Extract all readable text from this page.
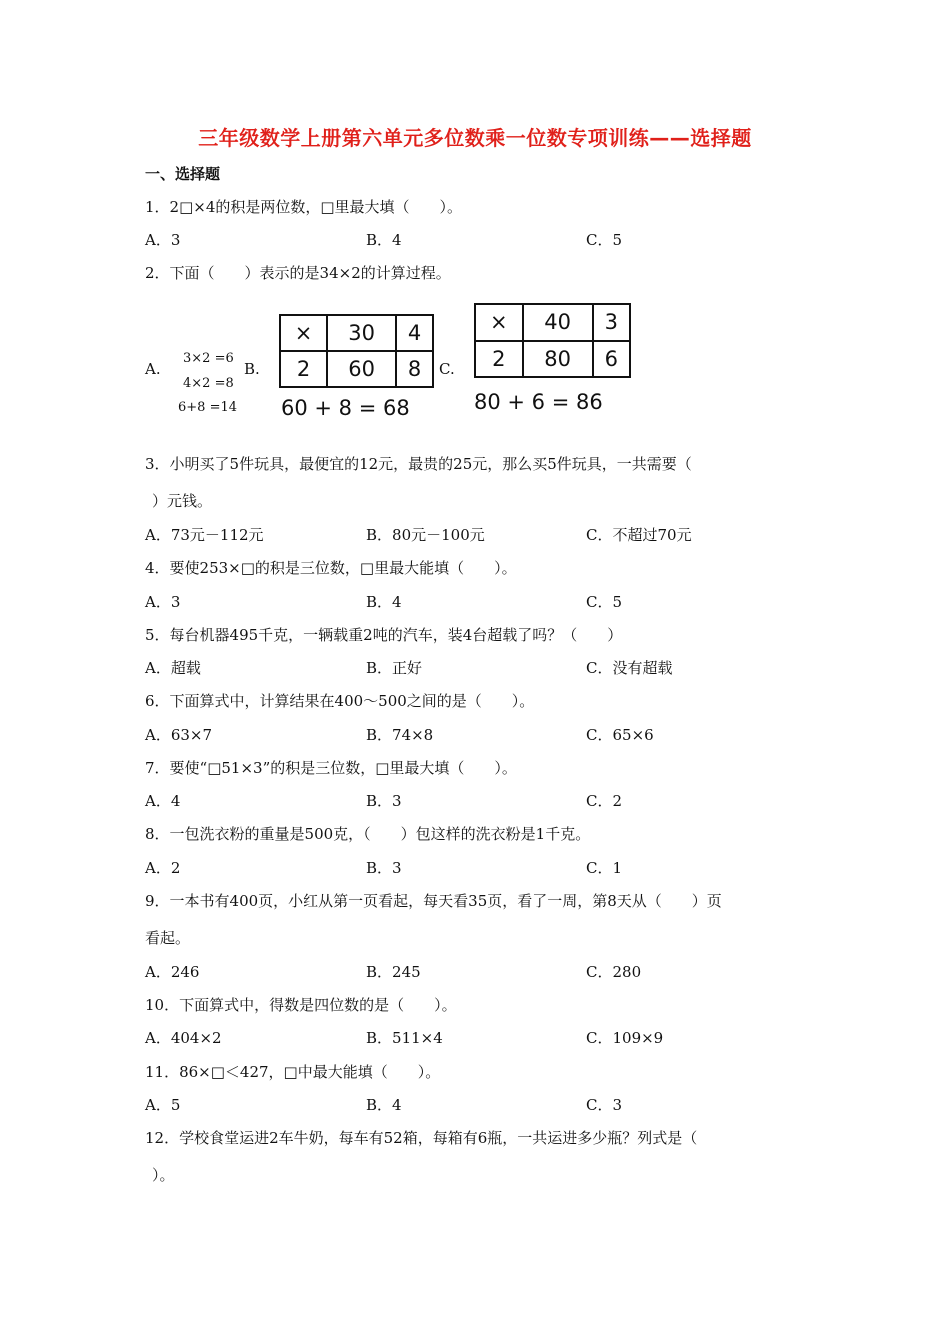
三年级数学上册第六单元多位数乘一位数专项训练——选择题
一、选择题
1．2□×4的积是两位数，□里最大填（　　）。
A．3	B．4	C．5
2．下面（　　）表示的是34×2的计算过程。
A.
3×2 =6
4×2 =8
6+8 =14
B.
×	30	4
2	60	8
60 + 8 = 68
C.
×	40	3
2	80	6
80 + 6 = 86
3．小明买了5件玩具，最便宜的12元，最贵的25元，那么买5件玩具，一共需要（
）元钱。
A．73元－112元	B．80元－100元	C．不超过70元
4．要使253×□的积是三位数，□里最大能填（　　）。
A．3	B．4	C．5
5．每台机器495千克，一辆载重2吨的汽车，装4台超载了吗？（　　）
A．超载	B．正好	C．没有超载
6．下面算式中，计算结果在400～500之间的是（　　）。
A．63×7	B．74×8	C．65×6
7．要使“□51×3”的积是三位数，□里最大填（　　）。
A．4	B．3	C．2
8．一包洗衣粉的重量是500克，（　　）包这样的洗衣粉是1千克。
A．2	B．3	C．1
9．一本书有400页，小红从第一页看起，每天看35页，看了一周，第8天从（　　）页
看起。
A．246	B．245	C．280
10．下面算式中，得数是四位数的是（　　）。
A．404×2	B．511×4	C．109×9
11．86×□＜427，□中最大能填（　　）。
A．5	B．4	C．3
12．学校食堂运进2车牛奶，每车有52箱，每箱有6瓶，一共运进多少瓶？列式是（
）。
